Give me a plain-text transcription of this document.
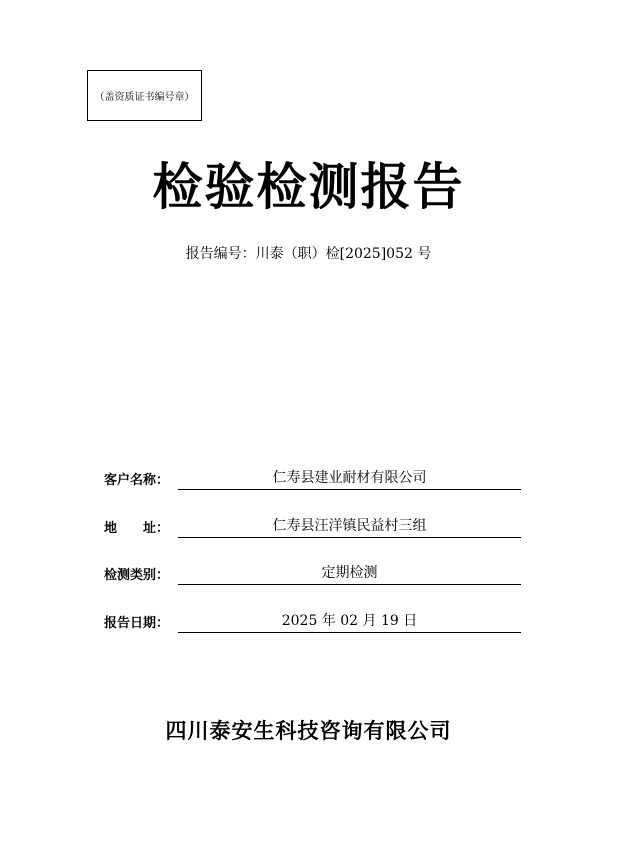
（盖资质证书编号章）
检验检测报告
报告编号：川泰（职）检[2025]052 号
客户名称：	仁寿县建业耐材有限公司
地　　址：	仁寿县汪洋镇民益村三组
检测类别：	定期检测
报告日期：	2025 年 02 月 19 日
四川泰安生科技咨询有限公司
